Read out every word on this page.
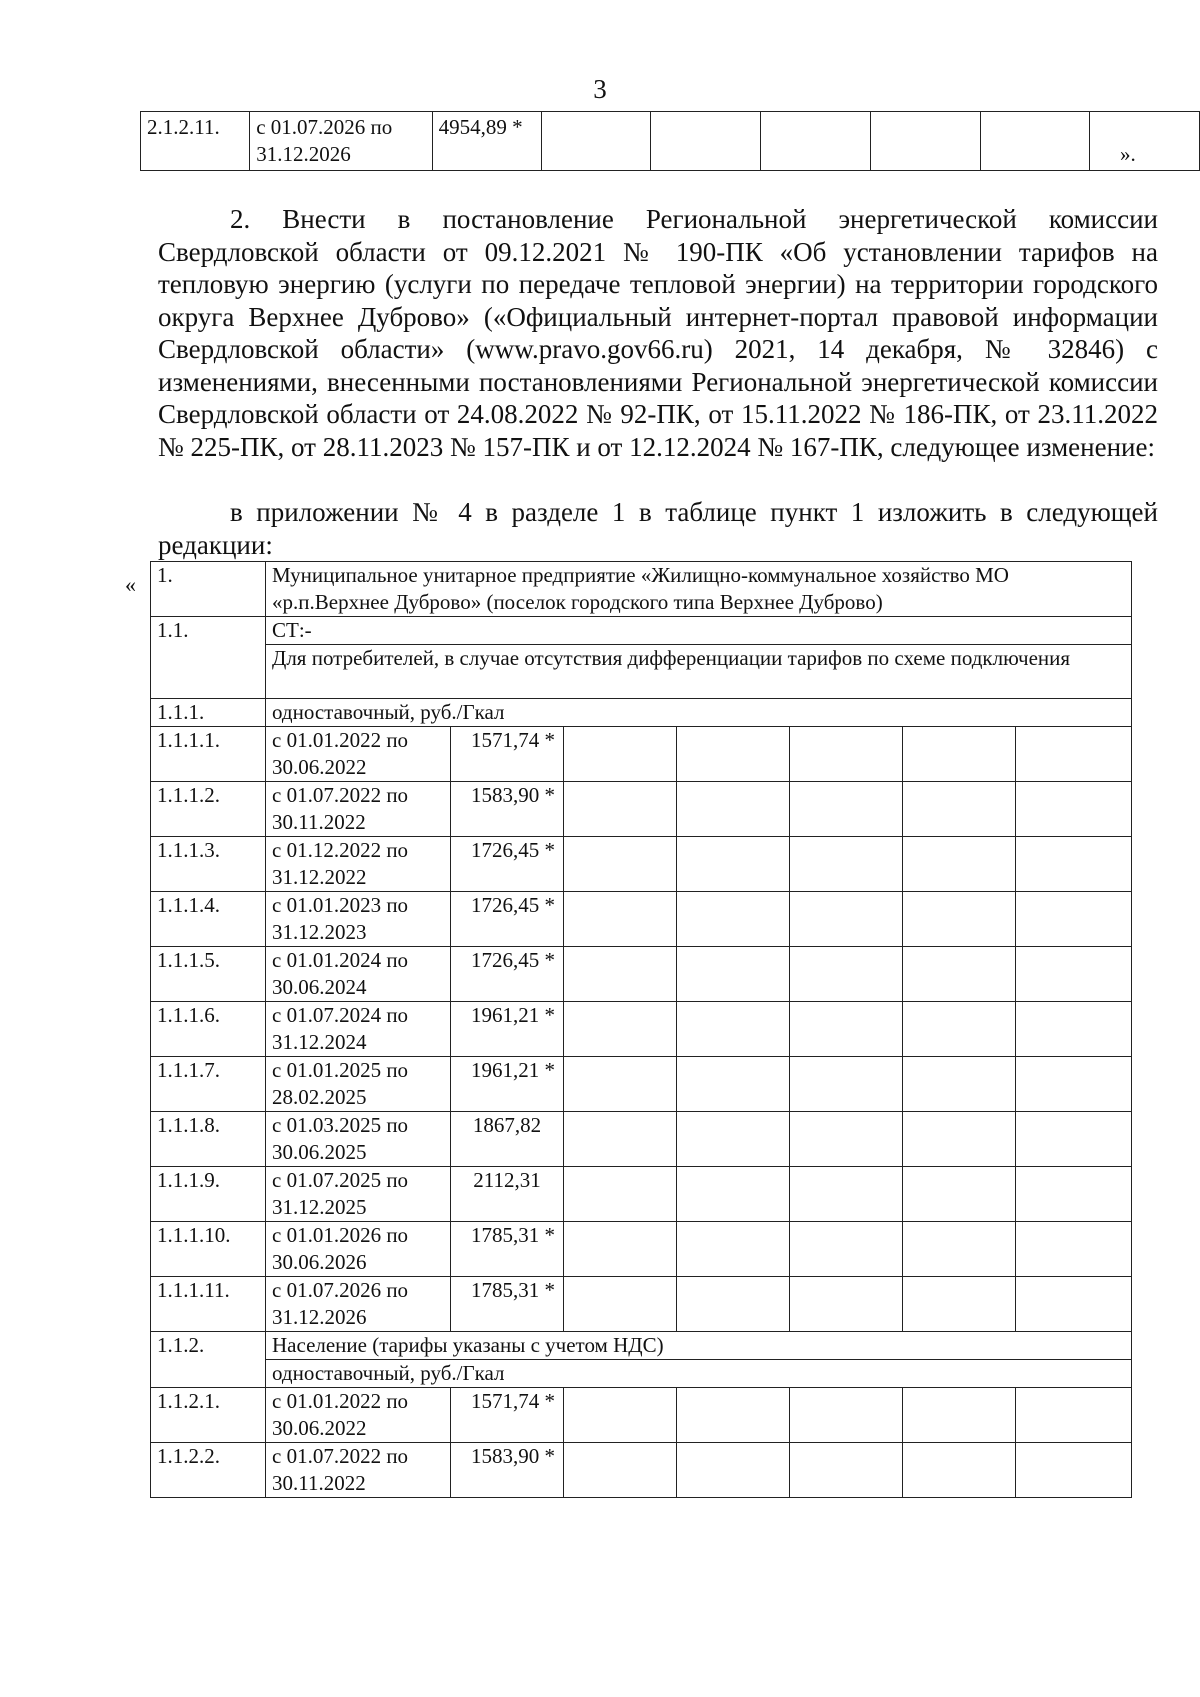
3
2.1.2.11.	с 01.07.2026 по 31.12.2026	4954,89 *						
».
2. Внести в постановление Региональной энергетической комиссии Свердловской области от 09.12.2021 № 190-ПК «Об установлении тарифов на тепловую энергию (услуги по передаче тепловой энергии) на территории городского округа Верхнее Дуброво» («Официальный интернет-портал правовой информации Свердловской области» (www.pravo.gov66.ru) 2021, 14 декабря, № 32846) с изменениями, внесенными постановлениями Региональной энергетической комиссии Свердловской области от 24.08.2022 № 92-ПК, от 15.11.2022 № 186-ПК, от 23.11.2022 № 225-ПК, от 28.11.2023 № 157-ПК и от 12.12.2024 № 167-ПК, следующее изменение:
в приложении № 4 в разделе 1 в таблице пункт 1 изложить в следующей редакции:
« 1.	Муниципальное унитарное предприятие «Жилищно-коммунальное хозяйство МО «р.п.Верхнее Дуброво» (поселок городского типа Верхнее Дуброво)						
1.1.	СТ:-						
	Для потребителей, в случае отсутствия дифференциации тарифов по схеме подключения						
1.1.1.	одноставочный, руб./Гкал						
1.1.1.1.	с 01.01.2022 по 30.06.2022	1571,74 *					
1.1.1.2.	с 01.07.2022 по 30.11.2022	1583,90 *					
1.1.1.3.	с 01.12.2022 по 31.12.2022	1726,45 *					
1.1.1.4.	с 01.01.2023 по 31.12.2023	1726,45 *					
1.1.1.5.	с 01.01.2024 по 30.06.2024	1726,45 *					
1.1.1.6.	с 01.07.2024 по 31.12.2024	1961,21 *					
1.1.1.7.	с 01.01.2025 по 28.02.2025	1961,21 *					
1.1.1.8.	с 01.03.2025 по 30.06.2025	1867,82					
1.1.1.9.	с 01.07.2025 по 31.12.2025	2112,31					
1.1.1.10.	с 01.01.2026 по 30.06.2026	1785,31 *					
1.1.1.11.	с 01.07.2026 по 31.12.2026	1785,31 *					
1.1.2.	Население (тарифы указаны с учетом НДС)						
	одноставочный, руб./Гкал						
1.1.2.1.	с 01.01.2022 по 30.06.2022	1571,74 *					
1.1.2.2.	с 01.07.2022 по 30.11.2022	1583,90 *					
